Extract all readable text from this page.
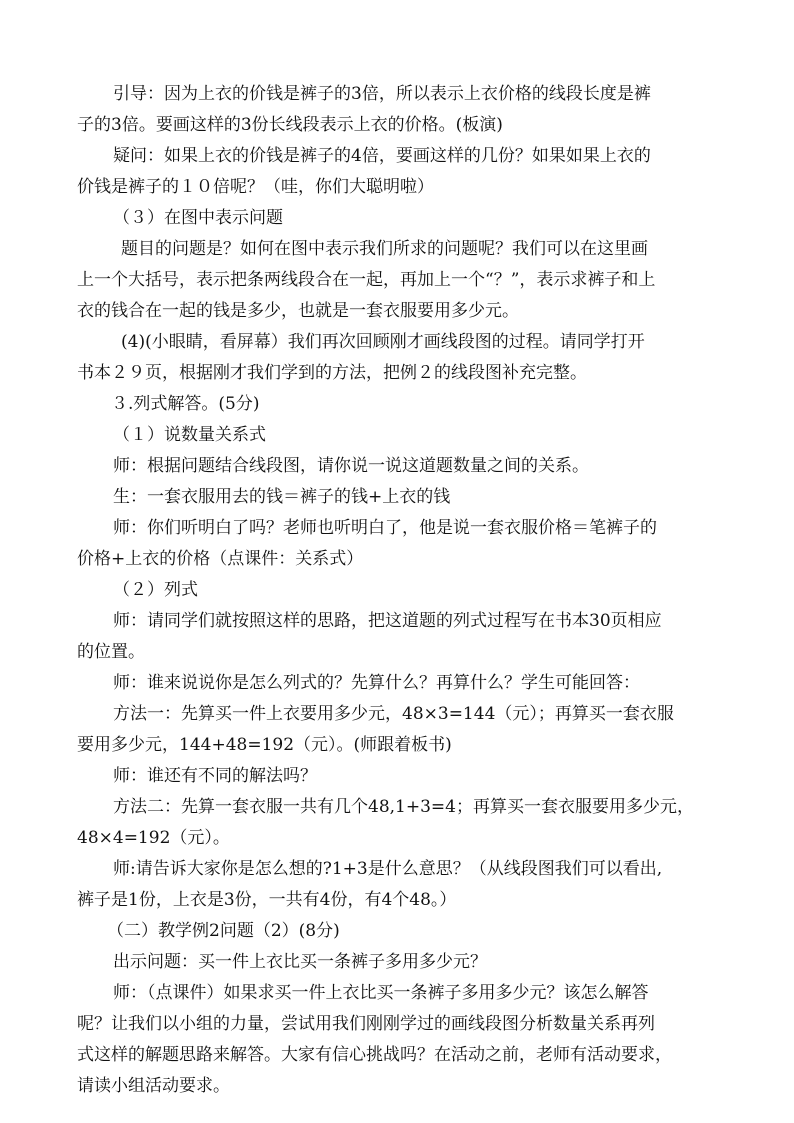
引导：因为上衣的价钱是裤子的3倍，所以表示上衣价格的线段长度是裤
子的3倍。要画这样的3份长线段表示上衣的价格。(板演)
疑问：如果上衣的价钱是裤子的4倍，要画这样的几份？如果如果上衣的
价钱是裤子的１０倍呢？（哇，你们大聪明啦）
（３）在图中表示问题
题目的问题是？如何在图中表示我们所求的问题呢？我们可以在这里画
上一个大括号，表示把条两线段合在一起，再加上一个“？”，表示求裤子和上
衣的钱合在一起的钱是多少，也就是一套衣服要用多少元。
(4)(小眼睛，看屏幕）我们再次回顾刚才画线段图的过程。请同学打开
书本２９页，根据刚才我们学到的方法，把例２的线段图补充完整。
３.列式解答。(5分)
（１）说数量关系式
师：根据问题结合线段图，请你说一说这道题数量之间的关系。
生：一套衣服用去的钱＝裤子的钱+上衣的钱
师：你们听明白了吗？老师也听明白了，他是说一套衣服价格＝笔裤子的
价格+上衣的价格（点课件：关系式）
（２）列式
师：请同学们就按照这样的思路，把这道题的列式过程写在书本30页相应
的位置。
师：谁来说说你是怎么列式的？先算什么？再算什么？学生可能回答：
方法一：先算买一件上衣要用多少元，48×3=144（元）；再算买一套衣服
要用多少元，144+48=192（元）。(师跟着板书)
师：谁还有不同的解法吗？
方法二：先算一套衣服一共有几个48,1+3=4；再算买一套衣服要用多少元，
48×4=192（元）。
师:请告诉大家你是怎么想的?1+3是什么意思？（从线段图我们可以看出,
裤子是1份，上衣是3份，一共有4份，有4个48。）
（二）教学例2问题（2）(8分)
出示问题：买一件上衣比买一条裤子多用多少元？
师：（点课件）如果求买一件上衣比买一条裤子多用多少元？该怎么解答
呢？让我们以小组的力量，尝试用我们刚刚学过的画线段图分析数量关系再列
式这样的解题思路来解答。大家有信心挑战吗？在活动之前，老师有活动要求，
请读小组活动要求。
